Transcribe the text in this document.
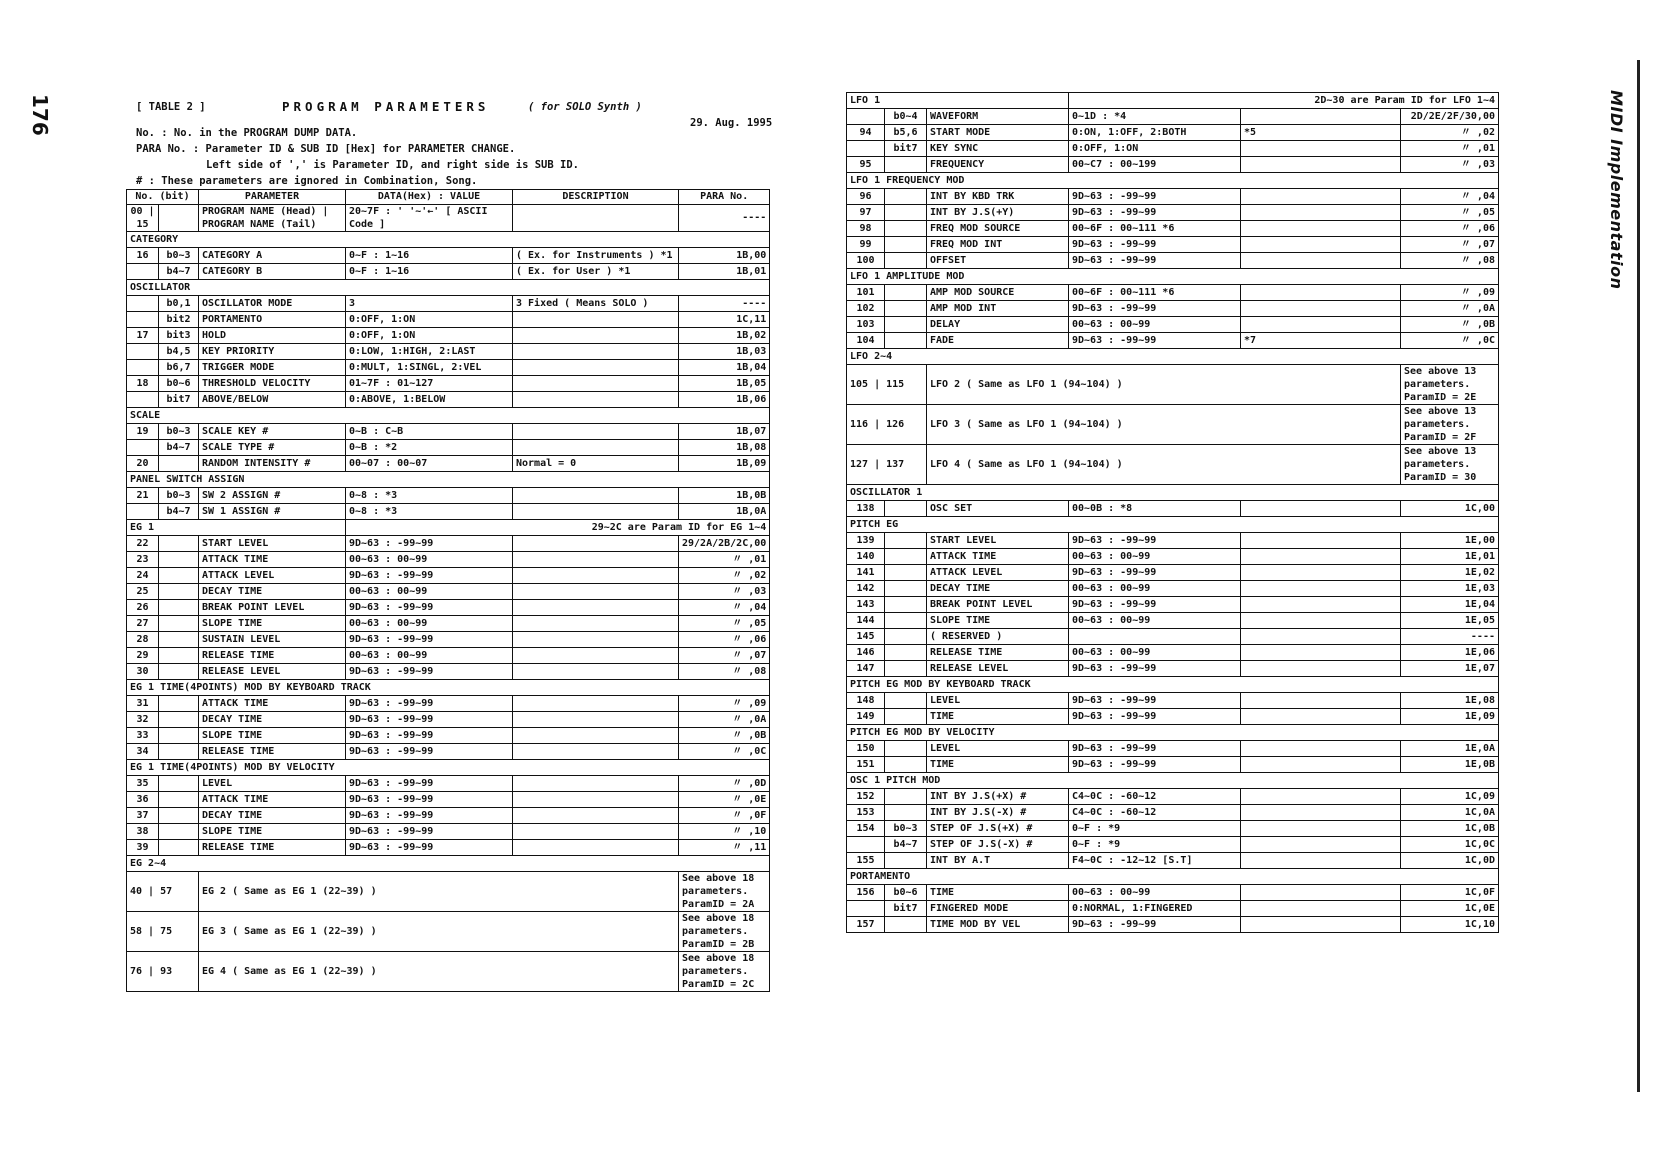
176	[ TABLE 2 ]	PROGRAM PARAMETERS	( for SOLO Synth )
29. Aug. 1995
No. : No. in the PROGRAM DUMP DATA.
PARA No. : Parameter ID & SUB ID [Hex] for PARAMETER CHANGE.
Left side of ',' is Parameter ID, and right side is SUB ID.
# : These parameters are ignored in Combination, Song.
No. (bit)		PARAMETER	DATA(Hex) : VALUE	DESCRIPTION	PARA No.
00 | 15		PROGRAM NAME (Head) | PROGRAM NAME (Tail)	20~7F : ' '~'←' [ ASCII Code ]		----
CATEGORY					
16	b0~3	CATEGORY A	0~F : 1~16	( Ex. for Instruments ) *1	1B,00
	b4~7	CATEGORY B	0~F : 1~16	( Ex. for User ) *1	1B,01
OSCILLATOR					
	b0,1	OSCILLATOR MODE	3	3 Fixed ( Means SOLO )	----
	bit2	PORTAMENTO	0:OFF, 1:ON		1C,11
17	bit3	HOLD	0:OFF, 1:ON		1B,02
	b4,5	KEY PRIORITY	0:LOW, 1:HIGH, 2:LAST		1B,03
	b6,7	TRIGGER MODE	0:MULT, 1:SINGL, 2:VEL		1B,04
18	b0~6	THRESHOLD VELOCITY	01~7F : 01~127		1B,05
	bit7	ABOVE/BELOW	0:ABOVE, 1:BELOW		1B,06
SCALE					
19	b0~3	SCALE KEY #	0~B : C~B		1B,07
	b4~7	SCALE TYPE #	0~B : *2		1B,08
20		RANDOM INTENSITY #	00~07 : 00~07	Normal = 0	1B,09
PANEL SWITCH ASSIGN					
21	b0~3	SW 2 ASSIGN #	0~8 : *3		1B,0B
	b4~7	SW 1 ASSIGN #	0~8 : *3		1B,0A
EG 1			29~2C are Param ID for EG 1~4		
22		START LEVEL	9D~63 : -99~99		29/2A/2B/2C,00
23		ATTACK TIME	00~63 : 00~99		〃 ,01
24		ATTACK LEVEL	9D~63 : -99~99		〃 ,02
25		DECAY TIME	00~63 : 00~99		〃 ,03
26		BREAK POINT LEVEL	9D~63 : -99~99		〃 ,04
27		SLOPE TIME	00~63 : 00~99		〃 ,05
28		SUSTAIN LEVEL	9D~63 : -99~99		〃 ,06
29		RELEASE TIME	00~63 : 00~99		〃 ,07
30		RELEASE LEVEL	9D~63 : -99~99		〃 ,08
EG 1 TIME(4POINTS) MOD BY KEYBOARD TRACK					
31		ATTACK TIME	9D~63 : -99~99		〃 ,09
32		DECAY TIME	9D~63 : -99~99		〃 ,0A
33		SLOPE TIME	9D~63 : -99~99		〃 ,0B
34		RELEASE TIME	9D~63 : -99~99		〃 ,0C
EG 1 TIME(4POINTS) MOD BY VELOCITY					
35		LEVEL	9D~63 : -99~99		〃 ,0D
36		ATTACK TIME	9D~63 : -99~99		〃 ,0E
37		DECAY TIME	9D~63 : -99~99		〃 ,0F
38		SLOPE TIME	9D~63 : -99~99		〃 ,10
39		RELEASE TIME	9D~63 : -99~99		〃 ,11
EG 2~4					
40 | 57		EG 2 ( Same as EG 1 (22~39) )			See above 18 parameters. ParamID = 2A
58 | 75		EG 3 ( Same as EG 1 (22~39) )			See above 18 parameters. ParamID = 2B
76 | 93		EG 4 ( Same as EG 1 (22~39) )			See above 18 parameters. ParamID = 2C
LFO 1			2D~30 are Param ID for LFO 1~4		
	b0~4	WAVEFORM	0~1D : *4		2D/2E/2F/30,00
94	b5,6	START MODE	0:ON, 1:OFF, 2:BOTH	*5	〃 ,02
	bit7	KEY SYNC	0:OFF, 1:ON		〃 ,01
95		FREQUENCY	00~C7 : 00~199		〃 ,03
LFO 1 FREQUENCY MOD					
96		INT BY KBD TRK	9D~63 : -99~99		〃 ,04
97		INT BY J.S(+Y)	9D~63 : -99~99		〃 ,05
98		FREQ MOD SOURCE	00~6F : 00~111 *6		〃 ,06
99		FREQ MOD INT	9D~63 : -99~99		〃 ,07
100		OFFSET	9D~63 : -99~99		〃 ,08
LFO 1 AMPLITUDE MOD					
101		AMP MOD SOURCE	00~6F : 00~111 *6		〃 ,09
102		AMP MOD INT	9D~63 : -99~99		〃 ,0A
103		DELAY	00~63 : 00~99		〃 ,0B
104		FADE	9D~63 : -99~99	*7	〃 ,0C
LFO 2~4					
105 | 115		LFO 2 ( Same as LFO 1 (94~104) )			See above 13 parameters. ParamID = 2E
116 | 126		LFO 3 ( Same as LFO 1 (94~104) )			See above 13 parameters. ParamID = 2F
127 | 137		LFO 4 ( Same as LFO 1 (94~104) )			See above 13 parameters. ParamID = 30
OSCILLATOR 1					
138		OSC SET	00~0B : *8		1C,00
PITCH EG					
139		START LEVEL	9D~63 : -99~99		1E,00
140		ATTACK TIME	00~63 : 00~99		1E,01
141		ATTACK LEVEL	9D~63 : -99~99		1E,02
142		DECAY TIME	00~63 : 00~99		1E,03
143		BREAK POINT LEVEL	9D~63 : -99~99		1E,04
144		SLOPE TIME	00~63 : 00~99		1E,05
145		( RESERVED )			----
146		RELEASE TIME	00~63 : 00~99		1E,06
147		RELEASE LEVEL	9D~63 : -99~99		1E,07
PITCH EG MOD BY KEYBOARD TRACK					
148		LEVEL	9D~63 : -99~99		1E,08
149		TIME	9D~63 : -99~99		1E,09
PITCH EG MOD BY VELOCITY					
150		LEVEL	9D~63 : -99~99		1E,0A
151		TIME	9D~63 : -99~99		1E,0B
OSC 1 PITCH MOD					
152		INT BY J.S(+X) #	C4~0C : -60~12		1C,09
153		INT BY J.S(-X) #	C4~0C : -60~12		1C,0A
154	b0~3	STEP OF J.S(+X) #	0~F : *9		1C,0B
	b4~7	STEP OF J.S(-X) #	0~F : *9		1C,0C
155		INT BY A.T	F4~0C : -12~12 [S.T]		1C,0D
PORTAMENTO					
156	b0~6	TIME	00~63 : 00~99		1C,0F
	bit7	FINGERED MODE	0:NORMAL, 1:FINGERED		1C,0E
157		TIME MOD BY VEL	9D~63 : -99~99		1C,10
MIDI Implementation
